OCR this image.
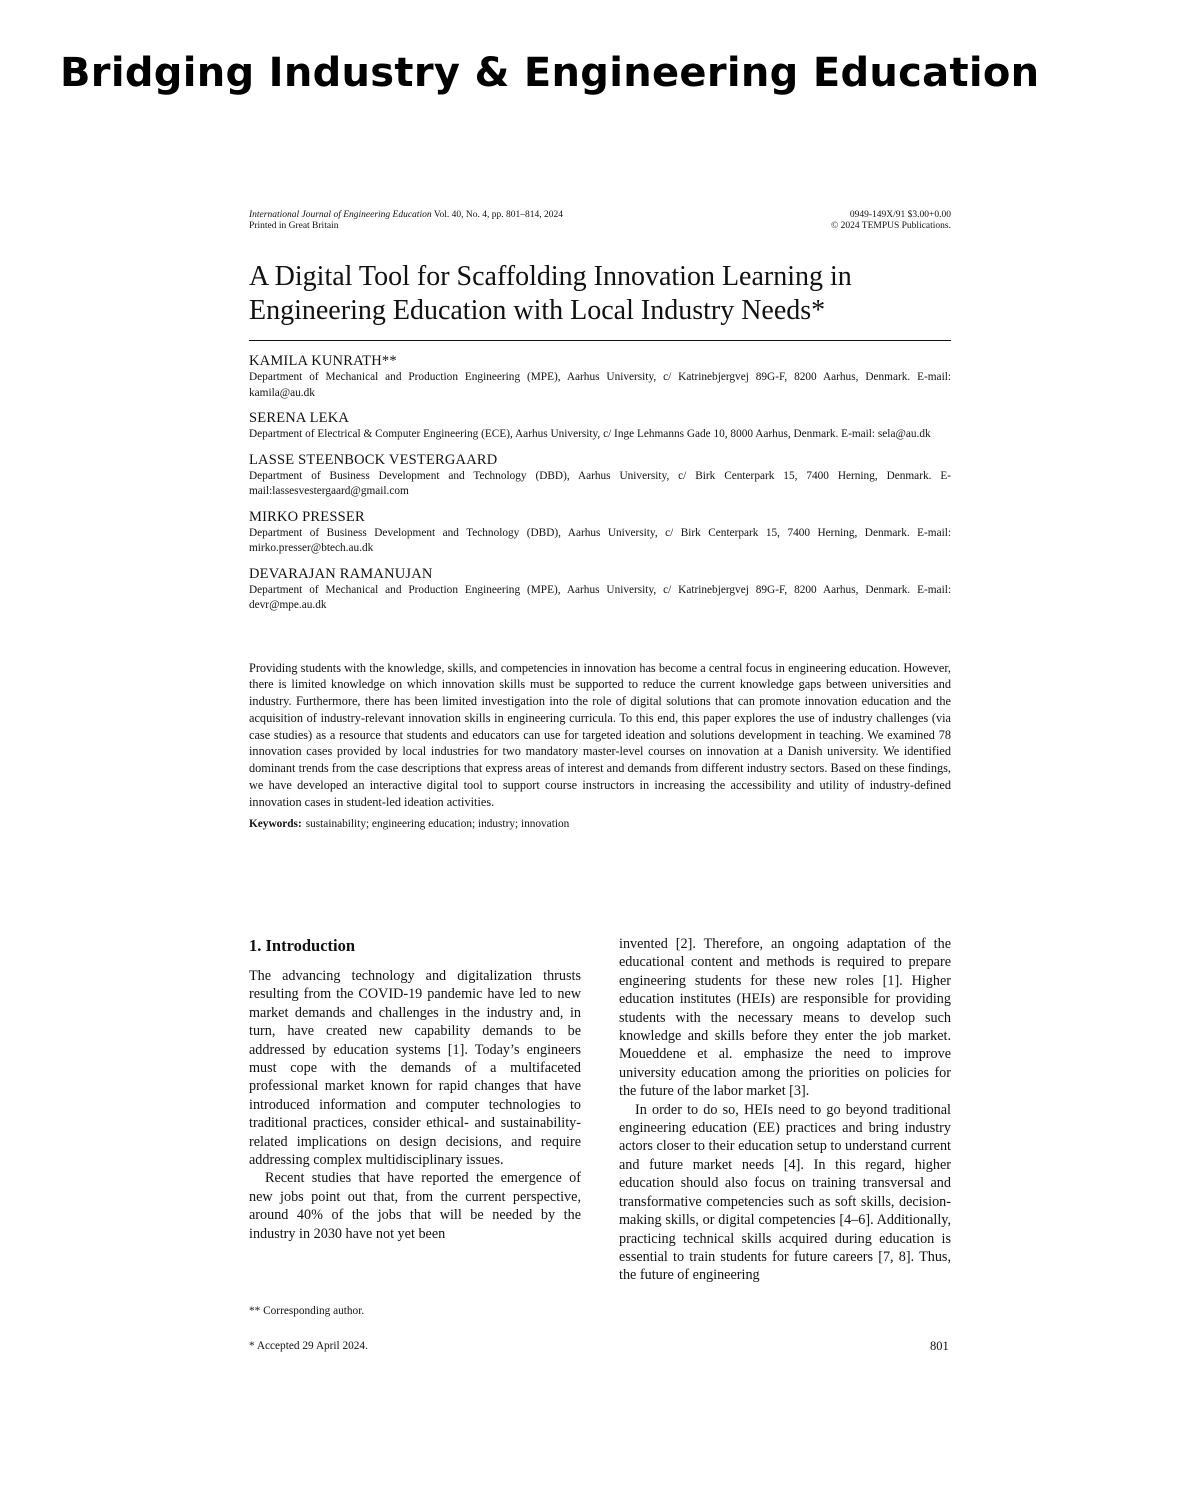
Bridging Industry & Engineering Education
International Journal of Engineering Education Vol. 40, No. 4, pp. 801–814, 2024
Printed in Great Britain
0949-149X/91 $3.00+0.00
© 2024 TEMPUS Publications.
A Digital Tool for Scaffolding Innovation Learning in
Engineering Education with Local Industry Needs*
KAMILA KUNRATH**
Department of Mechanical and Production Engineering (MPE), Aarhus University, c/ Katrinebjergvej 89G-F, 8200 Aarhus, Denmark. E-mail: kamila@au.dk
SERENA LEKA
Department of Electrical & Computer Engineering (ECE), Aarhus University, c/ Inge Lehmanns Gade 10, 8000 Aarhus, Denmark. E-mail: sela@au.dk
LASSE STEENBOCK VESTERGAARD
Department of Business Development and Technology (DBD), Aarhus University, c/ Birk Centerpark 15, 7400 Herning, Denmark. E-mail:lassesvestergaard@gmail.com
MIRKO PRESSER
Department of Business Development and Technology (DBD), Aarhus University, c/ Birk Centerpark 15, 7400 Herning, Denmark. E-mail: mirko.presser@btech.au.dk
DEVARAJAN RAMANUJAN
Department of Mechanical and Production Engineering (MPE), Aarhus University, c/ Katrinebjergvej 89G-F, 8200 Aarhus, Denmark. E-mail: devr@mpe.au.dk
Providing students with the knowledge, skills, and competencies in innovation has become a central focus in engineering education. However, there is limited knowledge on which innovation skills must be supported to reduce the current knowledge gaps between universities and industry. Furthermore, there has been limited investigation into the role of digital solutions that can promote innovation education and the acquisition of industry-relevant innovation skills in engineering curricula. To this end, this paper explores the use of industry challenges (via case studies) as a resource that students and educators can use for targeted ideation and solutions development in teaching. We examined 78 innovation cases provided by local industries for two mandatory master-level courses on innovation at a Danish university. We identified dominant trends from the case descriptions that express areas of interest and demands from different industry sectors. Based on these findings, we have developed an interactive digital tool to support course instructors in increasing the accessibility and utility of industry-defined innovation cases in student-led ideation activities.
Keywords: sustainability; engineering education; industry; innovation
1. Introduction

The advancing technology and digitalization thrusts resulting from the COVID-19 pandemic have led to new market demands and challenges in the industry and, in turn, have created new capability demands to be addressed by education systems [1]. Today’s engineers must cope with the demands of a multifaceted professional market known for rapid changes that have introduced information and computer technologies to traditional practices, consider ethical- and sustainability-related implications on design decisions, and require addressing complex multidisciplinary issues.

Recent studies that have reported the emergence of new jobs point out that, from the current perspective, around 40% of the jobs that will be needed by the industry in 2030 have not yet been

invented [2]. Therefore, an ongoing adaptation of the educational content and methods is required to prepare engineering students for these new roles [1]. Higher education institutes (HEIs) are responsible for providing students with the necessary means to develop such knowledge and skills before they enter the job market. Moueddene et al. emphasize the need to improve university education among the priorities on policies for the future of the labor market [3].

In order to do so, HEIs need to go beyond traditional engineering education (EE) practices and bring industry actors closer to their education setup to understand current and future market needs [4]. In this regard, higher education should also focus on training transversal and transformative competencies such as soft skills, decision-making skills, or digital competencies [4–6]. Additionally, practicing technical skills acquired during education is essential to train students for future careers [7, 8]. Thus, the future of engineering

** Corresponding author.
* Accepted 29 April 2024.	801
